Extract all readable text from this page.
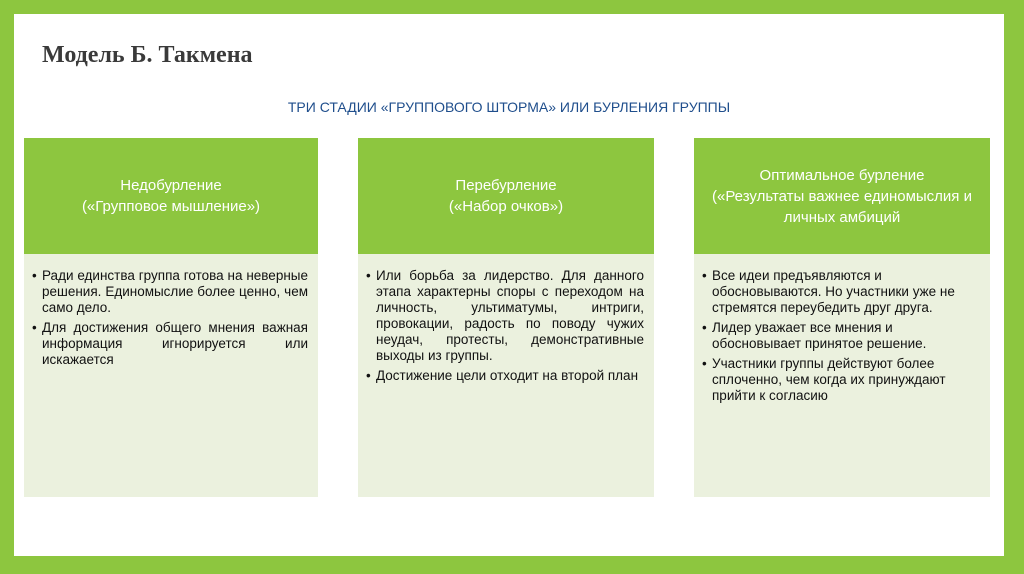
Модель Б. Такмена

ТРИ СТАДИИ «ГРУППОВОГО ШТОРМА» ИЛИ БУРЛЕНИЯ ГРУППЫ

Недобурление
(«Групповое мышление»)
• Ради единства группа готова на неверные решения. Единомыслие более ценно, чем само дело.
• Для достижения общего мнения важная информация игнорируется или искажается
Перебурление
(«Набор очков»)
• Или борьба за лидерство. Для данного этапа характерны споры с переходом на личность, ультиматумы, интриги, провокации, радость по поводу чужих неудач, протесты, демонстративные выходы из группы.
• Достижение цели отходит на второй план
Оптимальное бурление
(«Результаты важнее единомыслия и личных амбиций
• Все идеи предъявляются и обосновываются. Но участники уже не стремятся переубедить друг друга.
• Лидер уважает все мнения и обосновывает принятое решение.
• Участники группы действуют более сплоченно, чем когда их принуждают прийти к согласию
